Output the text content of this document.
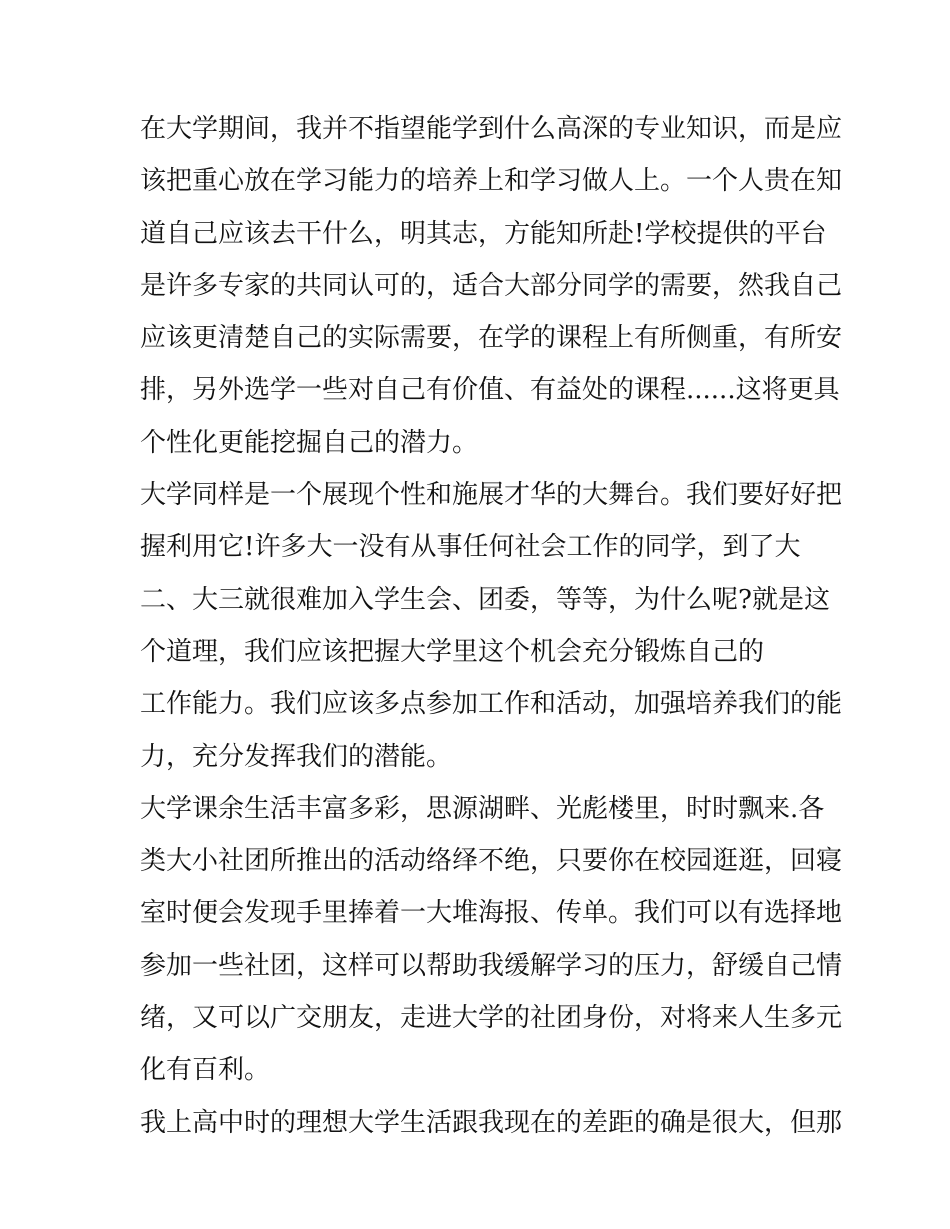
在大学期间，我并不指望能学到什么高深的专业知识，而是应
该把重心放在学习能力的培养上和学习做人上。一个人贵在知
道自己应该去干什么，明其志，方能知所赴!学校提供的平台
是许多专家的共同认可的，适合大部分同学的需要，然我自己
应该更清楚自己的实际需要，在学的课程上有所侧重，有所安
排，另外选学一些对自己有价值、有益处的课程......这将更具
个性化更能挖掘自己的潜力。
大学同样是一个展现个性和施展才华的大舞台。我们要好好把
握利用它!许多大一没有从事任何社会工作的同学，到了大
二、大三就很难加入学生会、团委，等等，为什么呢?就是这
个道理，我们应该把握大学里这个机会充分锻炼自己的
工作能力。我们应该多点参加工作和活动，加强培养我们的能
力，充分发挥我们的潜能。
大学课余生活丰富多彩，思源湖畔、光彪楼里，时时飘来.各
类大小社团所推出的活动络绎不绝，只要你在校园逛逛，回寝
室时便会发现手里捧着一大堆海报、传单。我们可以有选择地
参加一些社团，这样可以帮助我缓解学习的压力，舒缓自己情
绪，又可以广交朋友，走进大学的社团身份，对将来人生多元
化有百利。
我上高中时的理想大学生活跟我现在的差距的确是很大，但那
